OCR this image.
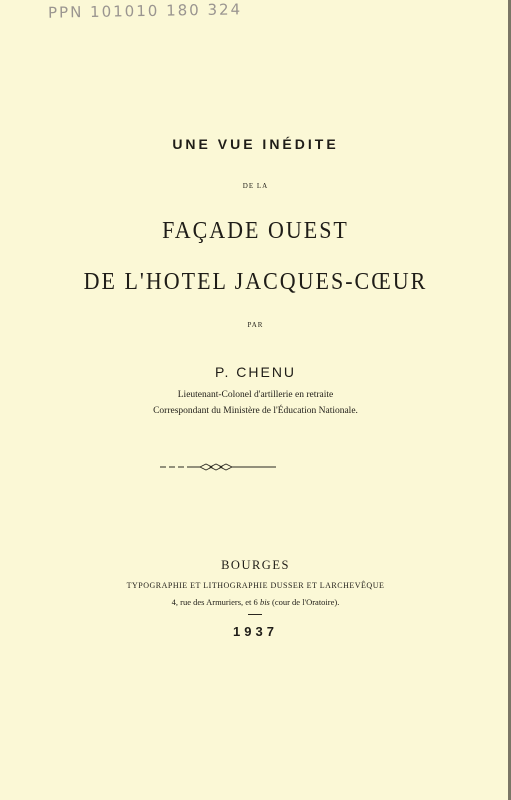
PPN 101010 180 324
UNE VUE INÉDITE
DE LA
FAÇADE OUEST
DE L'HOTEL JACQUES-CŒUR
PAR
P. CHENU
Lieutenant-Colonel d'artillerie en retraite
Correspondant du Ministère de l'Éducation Nationale.
BOURGES
TYPOGRAPHIE ET LITHOGRAPHIE DUSSER ET LARCHEVÊQUE
4, rue des Armuriers, et 6 bis (cour de l'Oratoire).
1937
